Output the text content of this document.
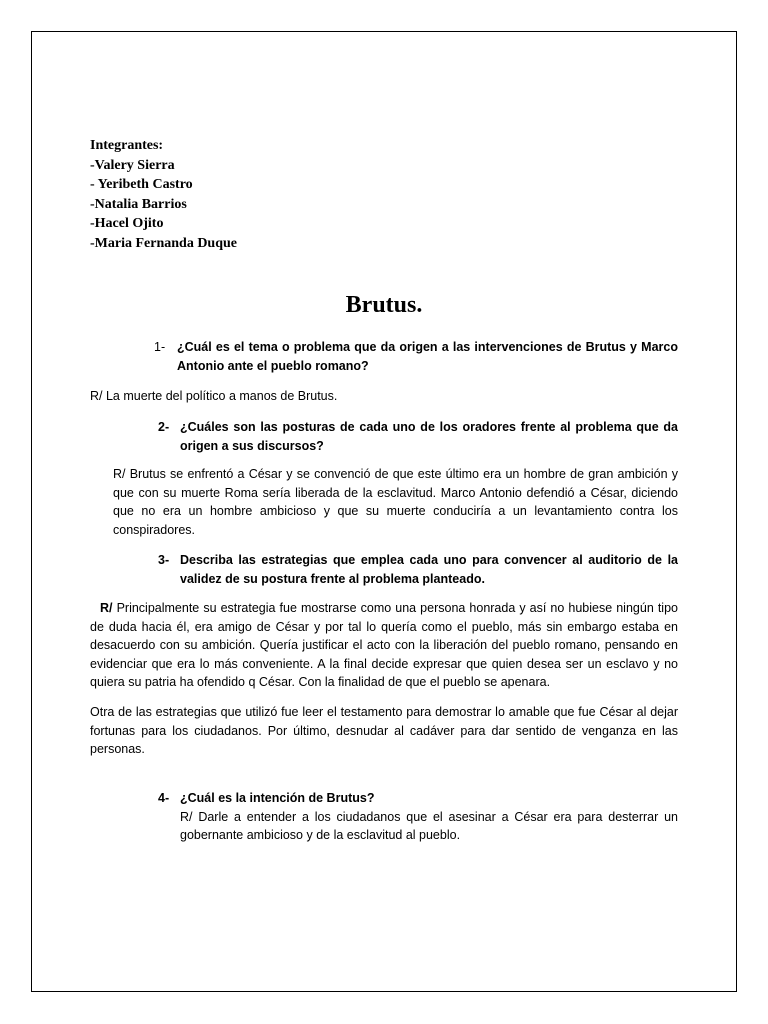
Integrantes:
-Valery Sierra
- Yeribeth Castro
-Natalia Barrios
-Hacel Ojito
-Maria Fernanda Duque
Brutus.
1- ¿Cuál es el tema o problema que da origen a las intervenciones de Brutus y Marco Antonio ante el pueblo romano?
R/ La muerte del político a manos de Brutus.
2- ¿Cuáles son las posturas de cada uno de los oradores frente al problema que da origen a sus discursos?
R/ Brutus se enfrentó a César y se convenció de que este último era un hombre de gran ambición y que con su muerte Roma sería liberada de la esclavitud. Marco Antonio defendió a César, diciendo que no era un hombre ambicioso y que su muerte conduciría a un levantamiento contra los conspiradores.
3- Describa las estrategias que emplea cada uno para convencer al auditorio de la validez de su postura frente al problema planteado.
R/ Principalmente su estrategia fue mostrarse como una persona honrada y así no hubiese ningún tipo de duda hacia él, era amigo de César y por tal lo quería como el pueblo, más sin embargo estaba en desacuerdo con su ambición. Quería justificar el acto con la liberación del pueblo romano, pensando en evidenciar que era lo más conveniente. A la final decide expresar que quien desea ser un esclavo y no quiera su patria ha ofendido q César. Con la finalidad de que el pueblo se apenara.
Otra de las estrategias que utilizó fue leer el testamento para demostrar lo amable que fue César al dejar fortunas para los ciudadanos. Por último, desnudar al cadáver para dar sentido de venganza en las personas.
4- ¿Cuál es la intención de Brutus?
R/ Darle a entender a los ciudadanos que el asesinar a César era para desterrar un gobernante ambicioso y de la esclavitud al pueblo.
